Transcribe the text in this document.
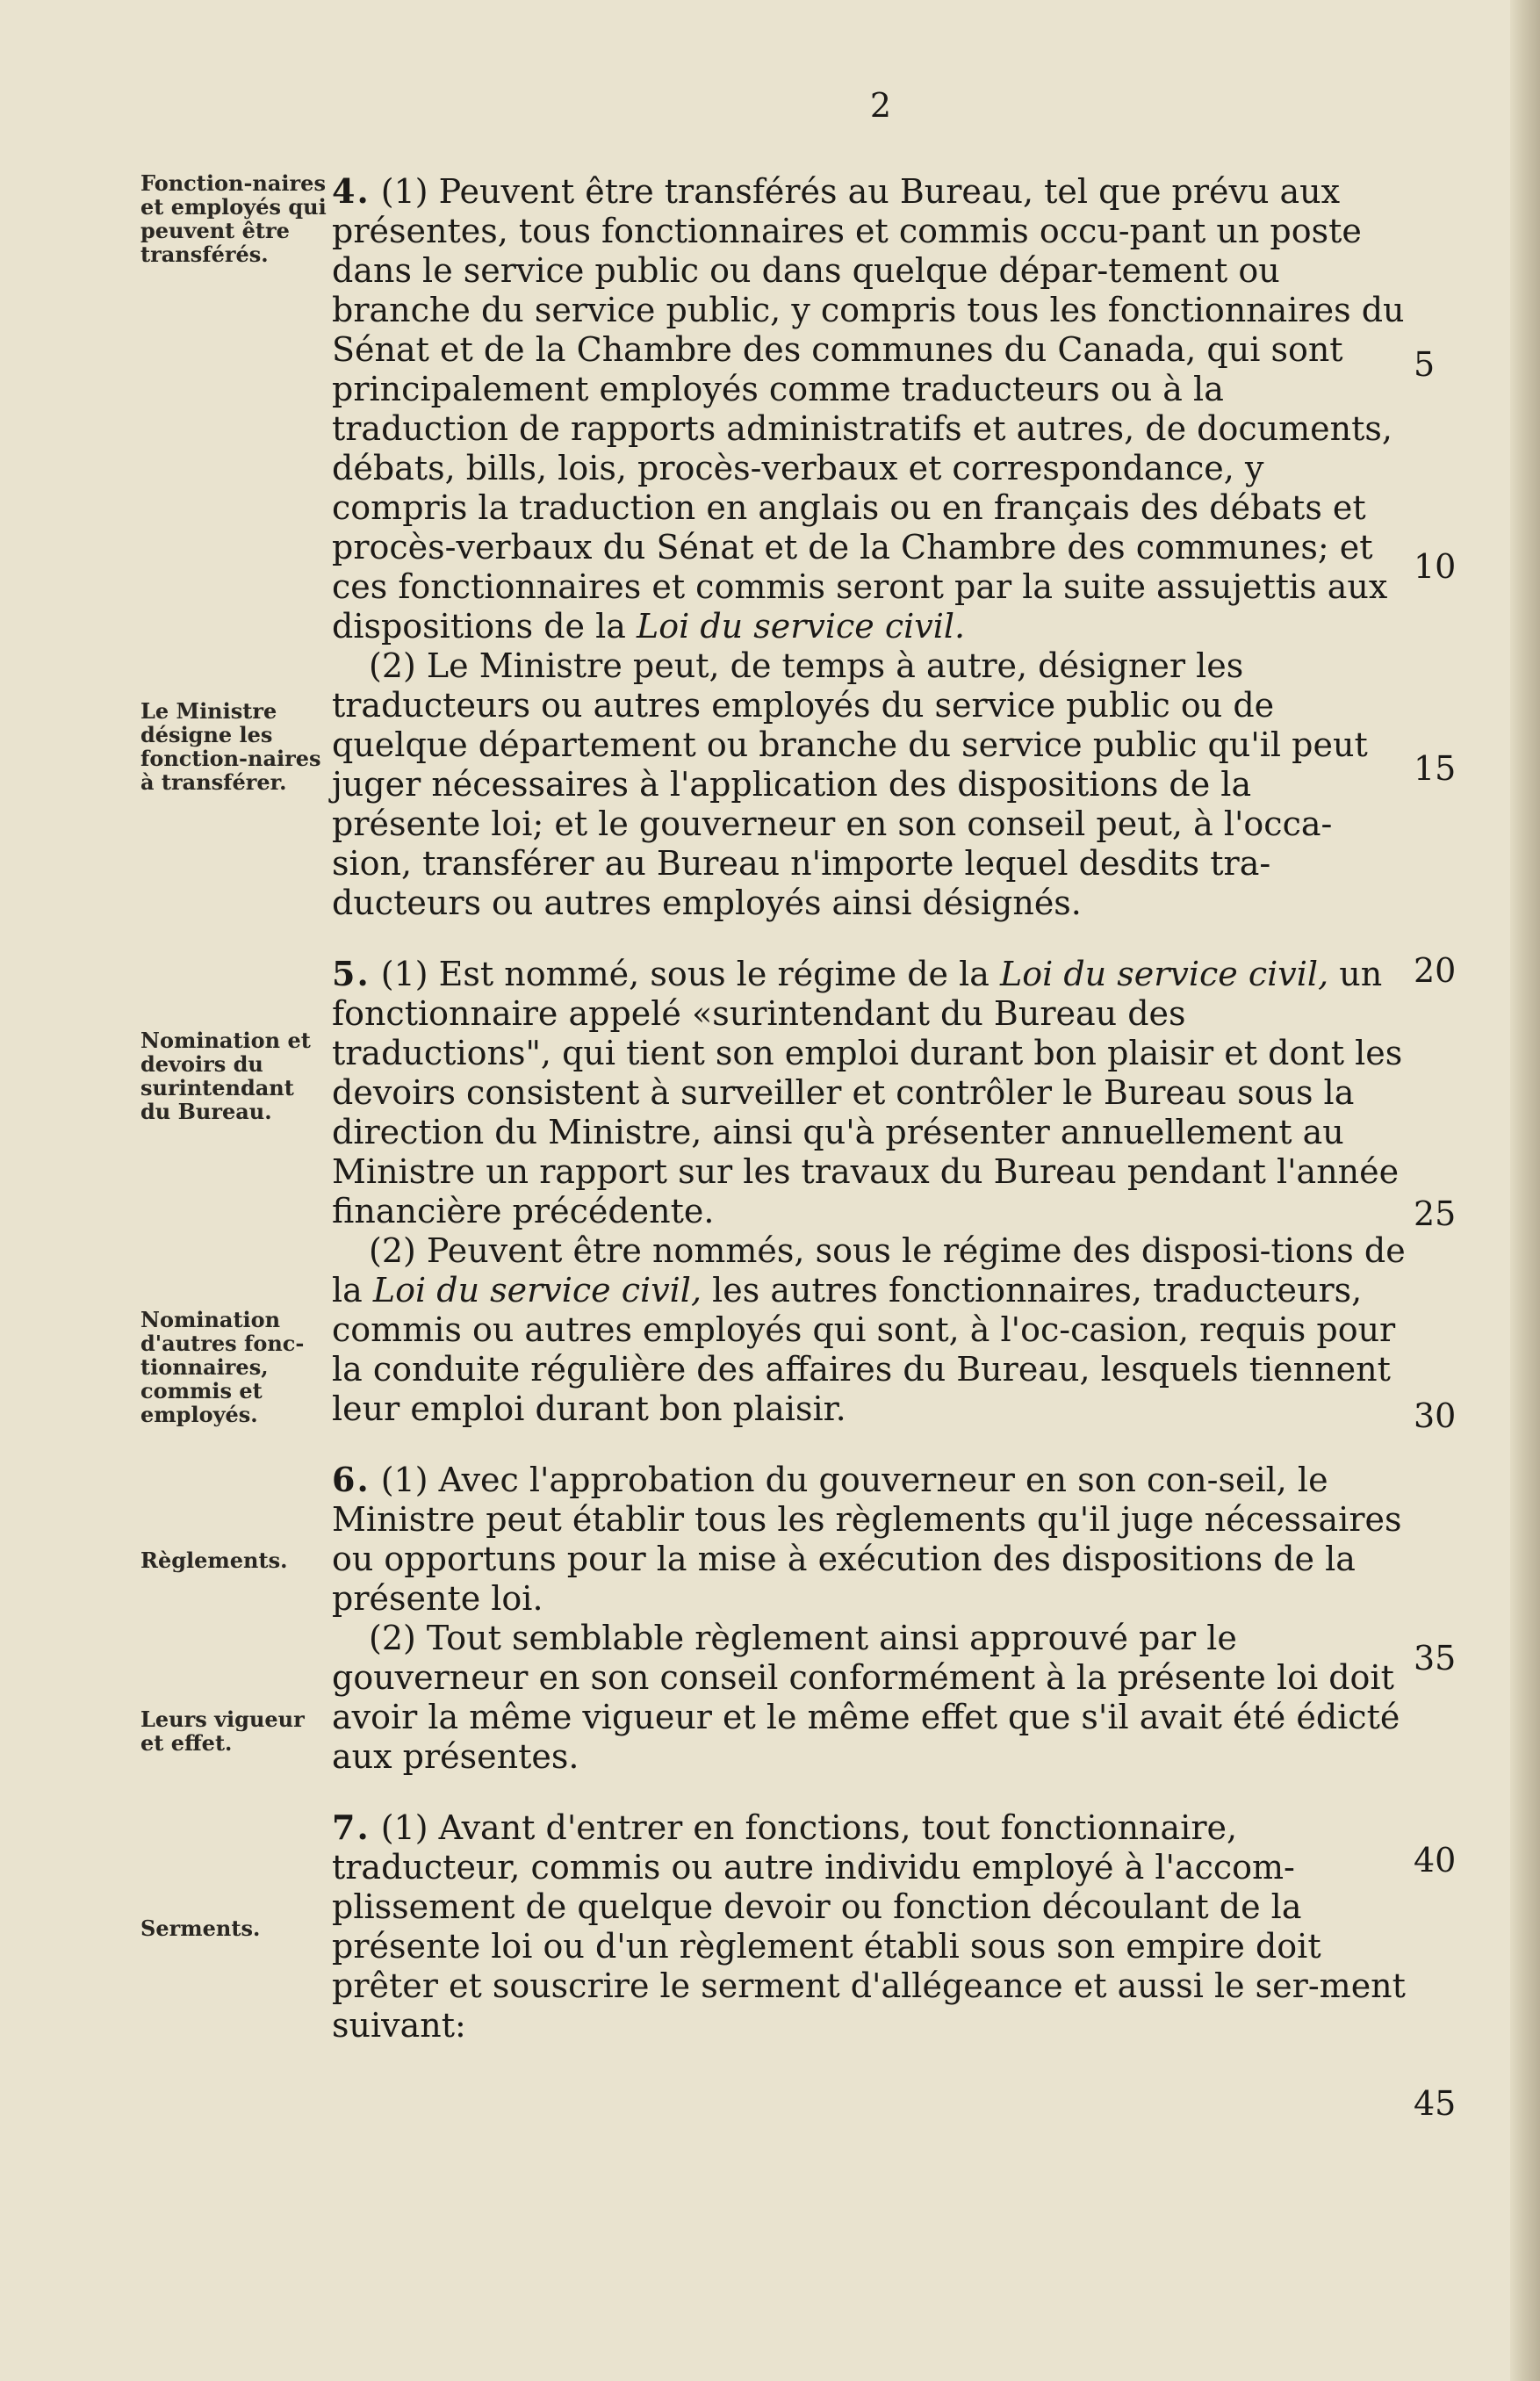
2
Fonction-naires et employés qui peuvent être transférés.
Le Ministre désigne les fonction-naires à transférer.
Nomination et devoirs du surintendant du Bureau.
Nomination d'autres fonc-tionnaires, commis et employés.
Règlements.
Leurs vigueur et effet.
Serments.
4. (1) Peuvent être transférés au Bureau, tel que prévu aux présentes, tous fonctionnaires et commis occu-pant un poste dans le service public ou dans quelque dépar-tement ou branche du service public, y compris tous les fonctionnaires du Sénat et de la Chambre des communes du Canada, qui sont principalement employés comme traducteurs ou à la traduction de rapports administratifs et autres, de documents, débats, bills, lois, procès-verbaux et correspondance, y compris la traduction en anglais ou en français des débats et procès-verbaux du Sénat et de la Chambre des communes; et ces fonctionnaires et commis seront par la suite assujettis aux dispositions de la Loi du service civil.
(2) Le Ministre peut, de temps à autre, désigner les traducteurs ou autres employés du service public ou de quelque département ou branche du service public qu'il peut juger nécessaires à l'application des dispositions de la présente loi; et le gouverneur en son conseil peut, à l'occa-sion, transférer au Bureau n'importe lequel desdits tra-ducteurs ou autres employés ainsi désignés.
5. (1) Est nommé, sous le régime de la Loi du service civil, un fonctionnaire appelé «surintendant du Bureau des traductions", qui tient son emploi durant bon plaisir et dont les devoirs consistent à surveiller et contrôler le Bureau sous la direction du Ministre, ainsi qu'à présenter annuellement au Ministre un rapport sur les travaux du Bureau pendant l'année financière précédente.
(2) Peuvent être nommés, sous le régime des disposi-tions de la Loi du service civil, les autres fonctionnaires, traducteurs, commis ou autres employés qui sont, à l'oc-casion, requis pour la conduite régulière des affaires du Bureau, lesquels tiennent leur emploi durant bon plaisir.
6. (1) Avec l'approbation du gouverneur en son con-seil, le Ministre peut établir tous les règlements qu'il juge nécessaires ou opportuns pour la mise à exécution des dispositions de la présente loi.
(2) Tout semblable règlement ainsi approuvé par le gouverneur en son conseil conformément à la présente loi doit avoir la même vigueur et le même effet que s'il avait été édicté aux présentes.
7. (1) Avant d'entrer en fonctions, tout fonctionnaire, traducteur, commis ou autre individu employé à l'accom-plissement de quelque devoir ou fonction découlant de la présente loi ou d'un règlement établi sous son empire doit prêter et souscrire le serment d'allégeance et aussi le ser-ment suivant:
5
10
15
20
25
30
35
40
45
